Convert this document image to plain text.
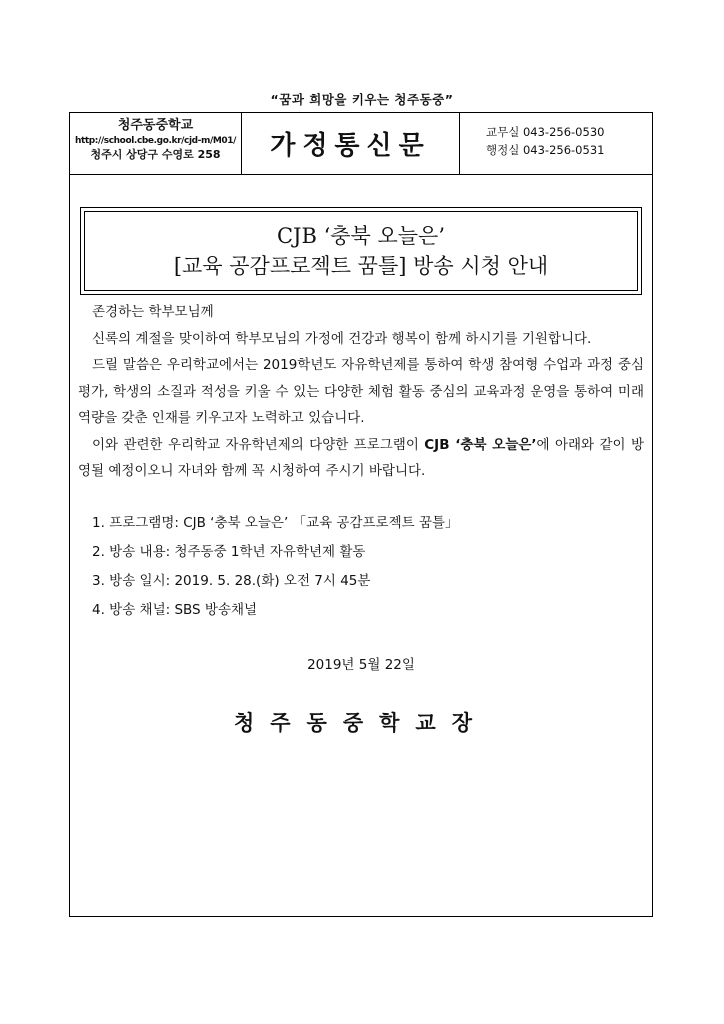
“꿈과 희망을 키우는 청주동중”
청주동중학교
http://school.cbe.go.kr/cjd-m/M01/
청주시 상당구 수영로 258	가정통신문	교무실 043-256-0530
행정실 043-256-0531
CJB ‘충북 오늘은’
[교육 공감프로젝트 꿈틀] 방송 시청 안내

존경하는 학부모님께

신록의 계절을 맞이하여 학부모님의 가정에 건강과 행복이 함께 하시기를 기원합니다.

드릴 말씀은 우리학교에서는 2019학년도 자유학년제를 통하여 학생 참여형 수업과 과정 중심 평가, 학생의 소질과 적성을 키울 수 있는 다양한 체험 활동 중심의 교육과정 운영을 통하여 미래 역량을 갖춘 인재를 키우고자 노력하고 있습니다.

이와 관련한 우리학교 자유학년제의 다양한 프로그램이 CJB ‘충북 오늘은’에 아래와 같이 방영될 예정이오니 자녀와 함께 꼭 시청하여 주시기 바랍니다.

1. 프로그램명: CJB ‘충북 오늘은’ 「교육 공감프로젝트 꿈틀」
2. 방송 내용: 청주동중 1학년 자유학년제 활동
3. 방송 일시: 2019. 5. 28.(화) 오전 7시 45분
4. 방송 채널: SBS 방송채널
2019년 5월 22일
청주동중학교장
